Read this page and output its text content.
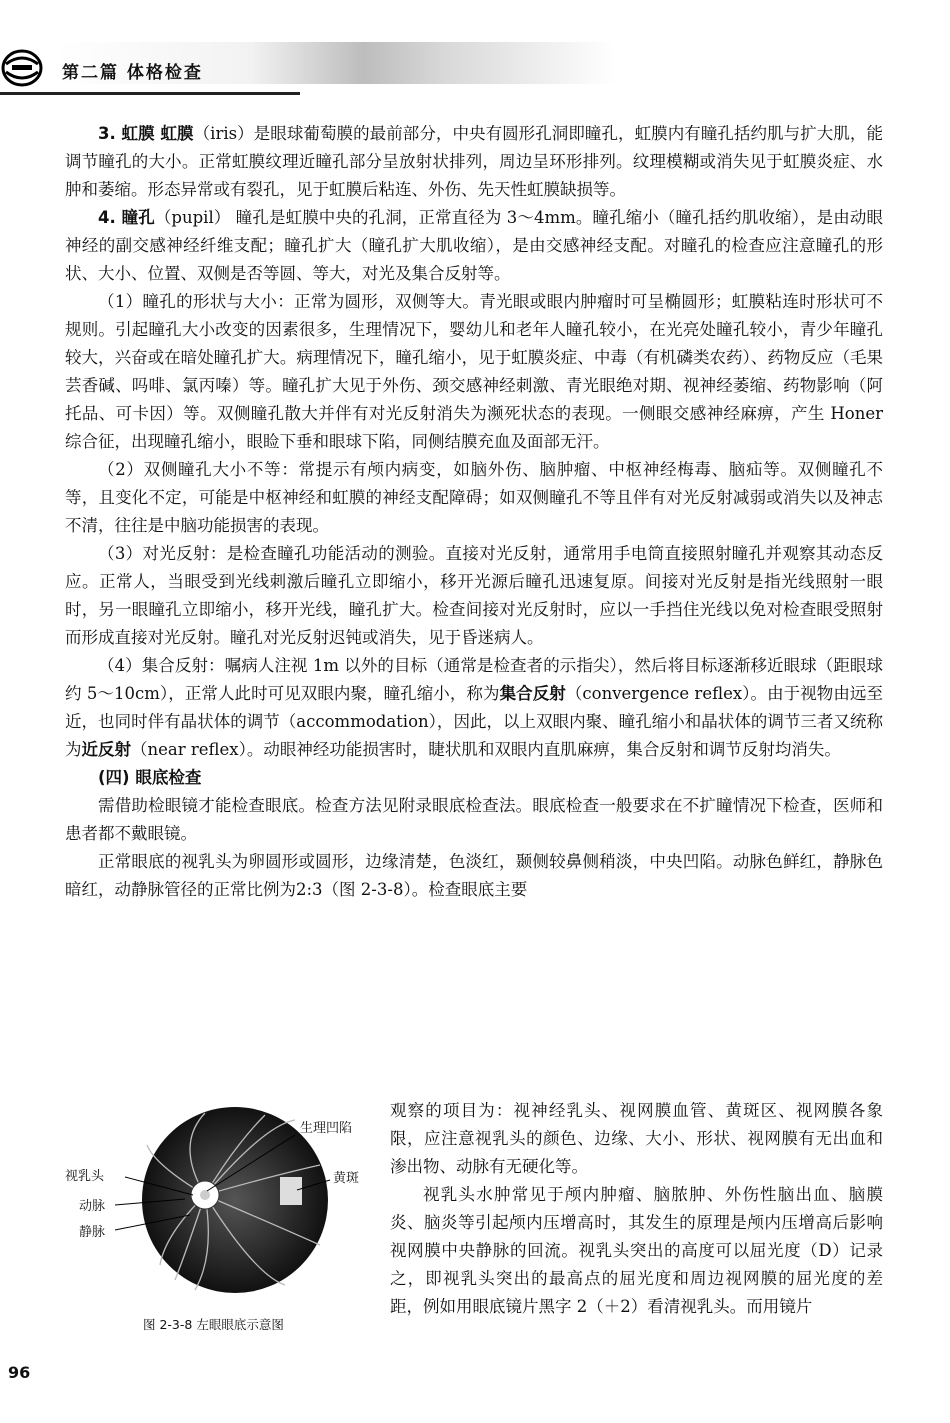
第二篇 体格检查

3. 虹膜 虹膜（iris）是眼球葡萄膜的最前部分，中央有圆形孔洞即瞳孔，虹膜内有瞳孔括约肌与扩大肌，能调节瞳孔的大小。正常虹膜纹理近瞳孔部分呈放射状排列，周边呈环形排列。纹理模糊或消失见于虹膜炎症、水肿和萎缩。形态异常或有裂孔，见于虹膜后粘连、外伤、先天性虹膜缺损等。

4. 瞳孔（pupil） 瞳孔是虹膜中央的孔洞，正常直径为 3～4mm。瞳孔缩小（瞳孔括约肌收缩），是由动眼神经的副交感神经纤维支配；瞳孔扩大（瞳孔扩大肌收缩），是由交感神经支配。对瞳孔的检查应注意瞳孔的形状、大小、位置、双侧是否等圆、等大，对光及集合反射等。

（1）瞳孔的形状与大小：正常为圆形，双侧等大。青光眼或眼内肿瘤时可呈椭圆形；虹膜粘连时形状可不规则。引起瞳孔大小改变的因素很多，生理情况下，婴幼儿和老年人瞳孔较小，在光亮处瞳孔较小，青少年瞳孔较大，兴奋或在暗处瞳孔扩大。病理情况下，瞳孔缩小，见于虹膜炎症、中毒（有机磷类农药）、药物反应（毛果芸香碱、吗啡、氯丙嗪）等。瞳孔扩大见于外伤、颈交感神经刺激、青光眼绝对期、视神经萎缩、药物影响（阿托品、可卡因）等。双侧瞳孔散大并伴有对光反射消失为濒死状态的表现。一侧眼交感神经麻痹，产生 Honer 综合征，出现瞳孔缩小，眼睑下垂和眼球下陷，同侧结膜充血及面部无汗。

（2）双侧瞳孔大小不等：常提示有颅内病变，如脑外伤、脑肿瘤、中枢神经梅毒、脑疝等。双侧瞳孔不等，且变化不定，可能是中枢神经和虹膜的神经支配障碍；如双侧瞳孔不等且伴有对光反射减弱或消失以及神志不清，往往是中脑功能损害的表现。

（3）对光反射：是检查瞳孔功能活动的测验。直接对光反射，通常用手电筒直接照射瞳孔并观察其动态反应。正常人，当眼受到光线刺激后瞳孔立即缩小，移开光源后瞳孔迅速复原。间接对光反射是指光线照射一眼时，另一眼瞳孔立即缩小，移开光线，瞳孔扩大。检查间接对光反射时，应以一手挡住光线以免对检查眼受照射而形成直接对光反射。瞳孔对光反射迟钝或消失，见于昏迷病人。

（4）集合反射：嘱病人注视 1m 以外的目标（通常是检查者的示指尖），然后将目标逐渐移近眼球（距眼球约 5～10cm），正常人此时可见双眼内聚，瞳孔缩小，称为集合反射（convergence reflex）。由于视物由远至近，也同时伴有晶状体的调节（accommodation），因此，以上双眼内聚、瞳孔缩小和晶状体的调节三者又统称为近反射（near reflex）。动眼神经功能损害时，睫状肌和双眼内直肌麻痹，集合反射和调节反射均消失。

(四) 眼底检查

需借助检眼镜才能检查眼底。检查方法见附录眼底检查法。眼底检查一般要求在不扩瞳情况下检查，医师和患者都不戴眼镜。

正常眼底的视乳头为卵圆形或圆形，边缘清楚，色淡红，颞侧较鼻侧稍淡，中央凹陷。动脉色鲜红，静脉色暗红，动静脉管径的正常比例为2:3（图 2-3-8）。检查眼底主要

生理凹陷
视乳头	黄斑
动脉
静脉
图 2-3-8 左眼眼底示意图

观察的项目为：视神经乳头、视网膜血管、黄斑区、视网膜各象限，应注意视乳头的颜色、边缘、大小、形状、视网膜有无出血和渗出物、动脉有无硬化等。

视乳头水肿常见于颅内肿瘤、脑脓肿、外伤性脑出血、脑膜炎、脑炎等引起颅内压增高时，其发生的原理是颅内压增高后影响视网膜中央静脉的回流。视乳头突出的高度可以屈光度（D）记录之，即视乳头突出的最高点的屈光度和周边视网膜的屈光度的差距，例如用眼底镜片黑字 2（＋2）看清视乳头。而用镜片

96
